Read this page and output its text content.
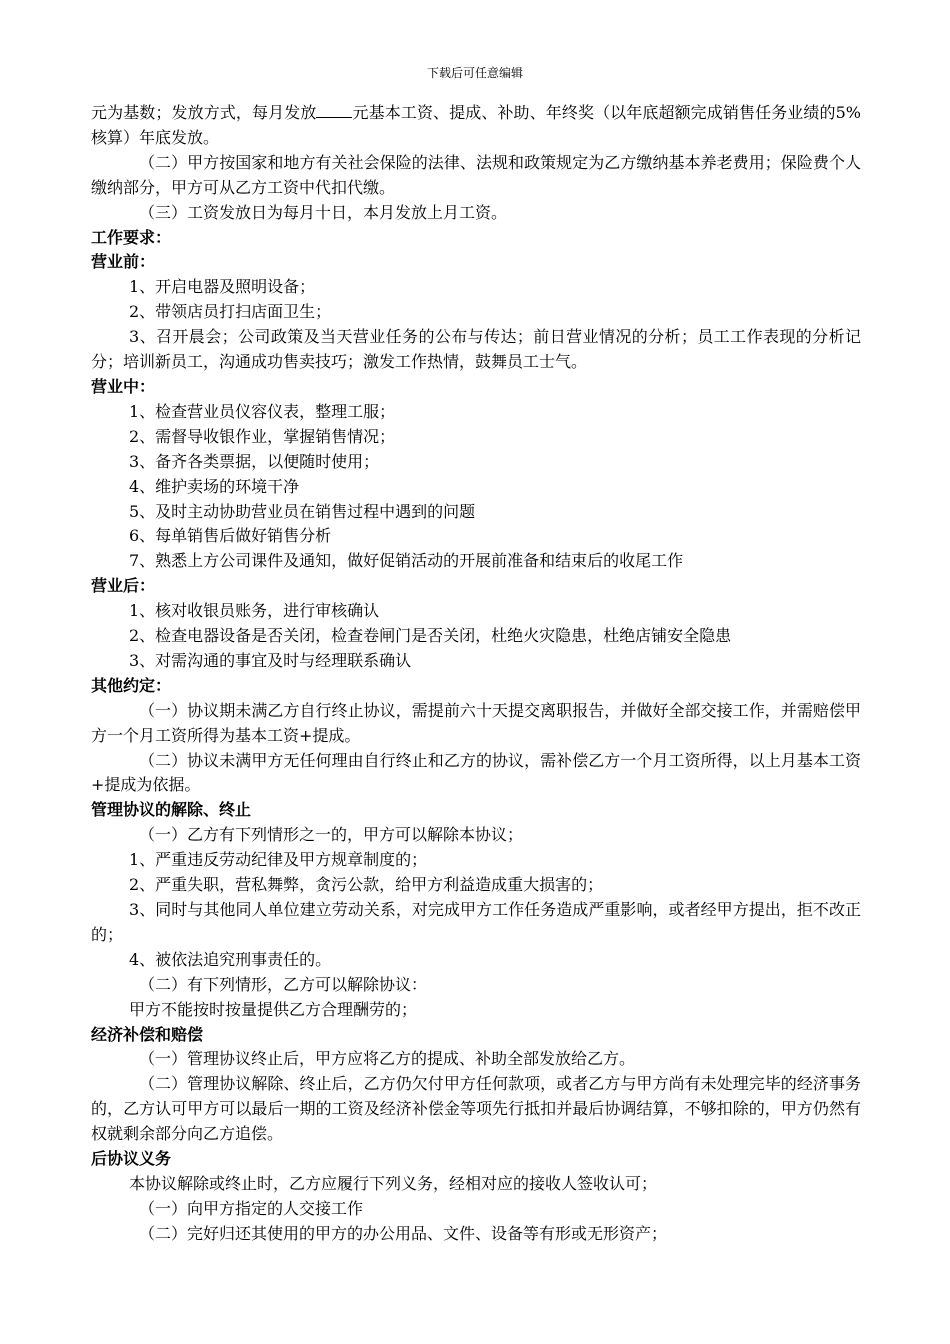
下载后可任意编辑

元为基数；发放方式，每月发放 元基本工资、提成、补助、年终奖（以年底超额完成销售任务业绩的5%核算）年底发放。

（二）甲方按国家和地方有关社会保险的法律、法规和政策规定为乙方缴纳基本养老费用；保险费个人缴纳部分，甲方可从乙方工资中代扣代缴。

（三）工资发放日为每月十日，本月发放上月工资。

工作要求：

营业前：

1、开启电器及照明设备；

2、带领店员打扫店面卫生；

3、召开晨会；公司政策及当天营业任务的公布与传达；前日营业情况的分析；员工工作表现的分析记分；培训新员工，沟通成功售卖技巧；激发工作热情，鼓舞员工士气。

营业中：

1、检查营业员仪容仪表，整理工服；

2、需督导收银作业，掌握销售情况；

3、备齐各类票据，以便随时使用；

4、维护卖场的环境干净

5、及时主动协助营业员在销售过程中遇到的问题

6、每单销售后做好销售分析

7、熟悉上方公司课件及通知，做好促销活动的开展前准备和结束后的收尾工作

营业后：

1、核对收银员账务，进行审核确认

2、检查电器设备是否关闭，检查卷闸门是否关闭，杜绝火灾隐患，杜绝店铺安全隐患

3、对需沟通的事宜及时与经理联系确认

其他约定：

（一）协议期未满乙方自行终止协议，需提前六十天提交离职报告，并做好全部交接工作，并需赔偿甲方一个月工资所得为基本工资+提成。

（二）协议未满甲方无任何理由自行终止和乙方的协议，需补偿乙方一个月工资所得，以上月基本工资+提成为依据。

管理协议的解除、终止

（一）乙方有下列情形之一的，甲方可以解除本协议；

1、严重违反劳动纪律及甲方规章制度的；

2、严重失职，营私舞弊，贪污公款，给甲方利益造成重大损害的；

3、同时与其他同人单位建立劳动关系，对完成甲方工作任务造成严重影响，或者经甲方提出，拒不改正的；

4、被依法追究刑事责任的。

（二）有下列情形，乙方可以解除协议：

甲方不能按时按量提供乙方合理酬劳的；

经济补偿和赔偿

（一）管理协议终止后，甲方应将乙方的提成、补助全部发放给乙方。

（二）管理协议解除、终止后，乙方仍欠付甲方任何款项，或者乙方与甲方尚有未处理完毕的经济事务的，乙方认可甲方可以最后一期的工资及经济补偿金等项先行抵扣并最后协调结算，不够扣除的，甲方仍然有权就剩余部分向乙方追偿。

后协议义务

本协议解除或终止时，乙方应履行下列义务，经相对应的接收人签收认可；

（一）向甲方指定的人交接工作

（二）完好归还其使用的甲方的办公用品、文件、设备等有形或无形资产；
